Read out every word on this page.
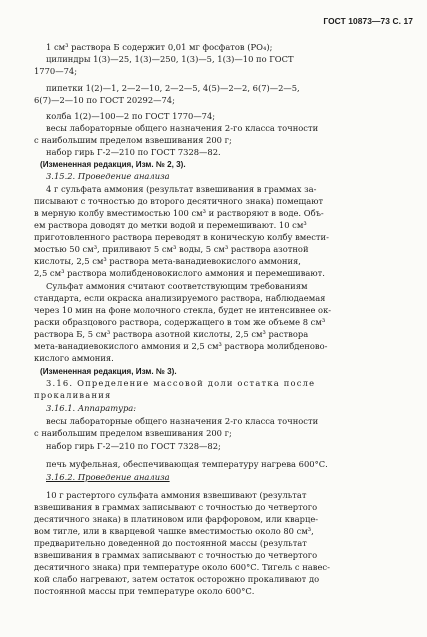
ГОСТ 10873—73 С. 17
1 см³ раствора Б содержит 0,01 мг фосфатов (PO₄);
цилиндры 1(3)—25, 1(3)—250, 1(3)—5, 1(3)—10 по ГОСТ
1770—74;
пипетки 1(2)—1, 2—2—10, 2—2—5, 4(5)—2—2, 6(7)—2—5,
6(7)—2—10 по ГОСТ 20292—74;
колба 1(2)—100—2 по ГОСТ 1770—74;
весы лабораторные общего назначения 2-го класса точности
с наибольшим пределом взвешивания 200 г;
набор гирь Г-2—210 по ГОСТ 7328—82.
(Измененная редакция, Изм. № 2, 3).
3.15.2. Проведение анализа
4 г сульфата аммония (результат взвешивания в граммах за-
писывают с точностью до второго десятичного знака) помещают
в мерную колбу вместимостью 100 см³ и растворяют в воде. Объ-
ем раствора доводят до метки водой и перемешивают. 10 см³
приготовленного раствора переводят в коническую колбу вмести-
мостью 50 см³, приливают 5 см³ воды, 5 см³ раствора азотной
кислоты, 2,5 см³ раствора мета-ванадиевокислого аммония,
2,5 см³ раствора молибденовокислого аммония и перемешивают.
Сульфат аммония считают соответствующим требованиям
стандарта, если окраска анализируемого раствора, наблюдаемая
через 10 мин на фоне молочного стекла, будет не интенсивнее ок-
раски образцового раствора, содержащего в том же объеме 8 см³
раствора Б, 5 см³ раствора азотной кислоты, 2,5 см³ раствора
мета-ванадиевокислого аммония и 2,5 см³ раствора молибденово-
кислого аммония.
(Измененная редакция, Изм. № 3).
3.16. Определение массовой доли остатка после
прокаливания
3.16.1. Аппаратура:
весы лабораторные общего назначения 2-го класса точности
с наибольшим пределом взвешивания 200 г;
набор гирь Г-2—210 по ГОСТ 7328—82;
печь муфельная, обеспечивающая температуру нагрева 600°С.
3.16.2. Проведение анализа
10 г растертого сульфата аммония взвешивают (результат
взвешивания в граммах записывают с точностью до четвертого
десятичного знака) в платиновом или фарфоровом, или кварце-
вом тигле, или в кварцевой чашке вместимостью около 80 см³,
предварительно доведенной до постоянной массы (результат
взвешивания в граммах записывают с точностью до четвертого
десятичного знака) при температуре около 600°С. Тигель с навес-
кой слабо нагревают, затем остаток осторожно прокаливают до
постоянной массы при температуре около 600°С.
